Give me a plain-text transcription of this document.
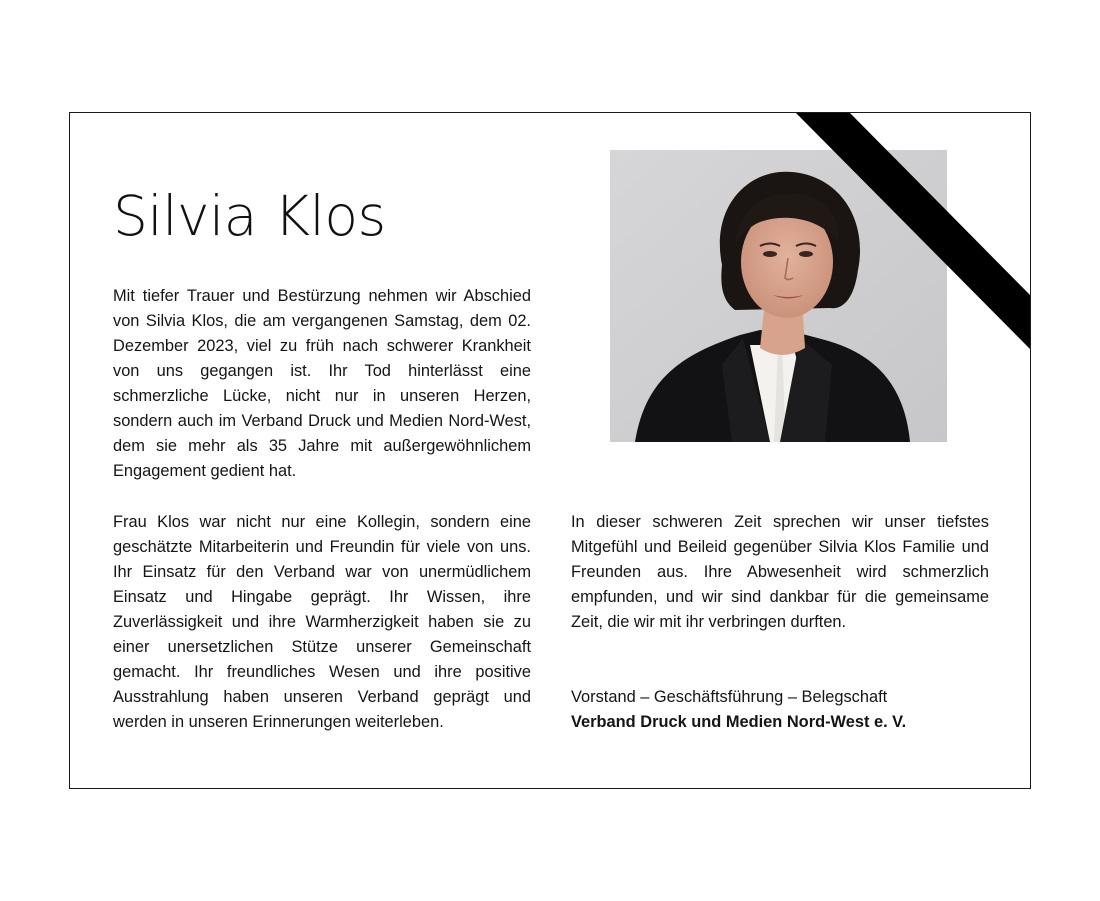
Silvia Klos

Mit tiefer Trauer und Bestürzung nehmen wir Abschied von Silvia Klos, die am vergangenen Samstag, dem 02. Dezember 2023, viel zu früh nach schwerer Krankheit von uns gegangen ist. Ihr Tod hinterlässt eine schmerzliche Lücke, nicht nur in unseren Herzen, sondern auch im Verband Druck und Medien Nord-West, dem sie mehr als 35 Jahre mit außergewöhnlichem Engagement gedient hat.

Frau Klos war nicht nur eine Kollegin, sondern eine geschätzte Mitarbeiterin und Freundin für viele von uns. Ihr Einsatz für den Verband war von unermüdlichem Einsatz und Hingabe geprägt. Ihr Wissen, ihre Zuverlässigkeit und ihre Warmherzigkeit haben sie zu einer unersetzlichen Stütze unserer Gemeinschaft gemacht. Ihr freundliches Wesen und ihre positive Ausstrahlung haben unseren Verband geprägt und werden in unseren Erinnerungen weiterleben.

In dieser schweren Zeit sprechen wir unser tiefstes Mitgefühl und Beileid gegenüber Silvia Klos Familie und Freunden aus. Ihre Abwesenheit wird schmerzlich empfunden, und wir sind dankbar für die gemeinsame Zeit, die wir mit ihr verbringen durften.

Vorstand – Geschäftsführung – Belegschaft
Verband Druck und Medien Nord-West e. V.
